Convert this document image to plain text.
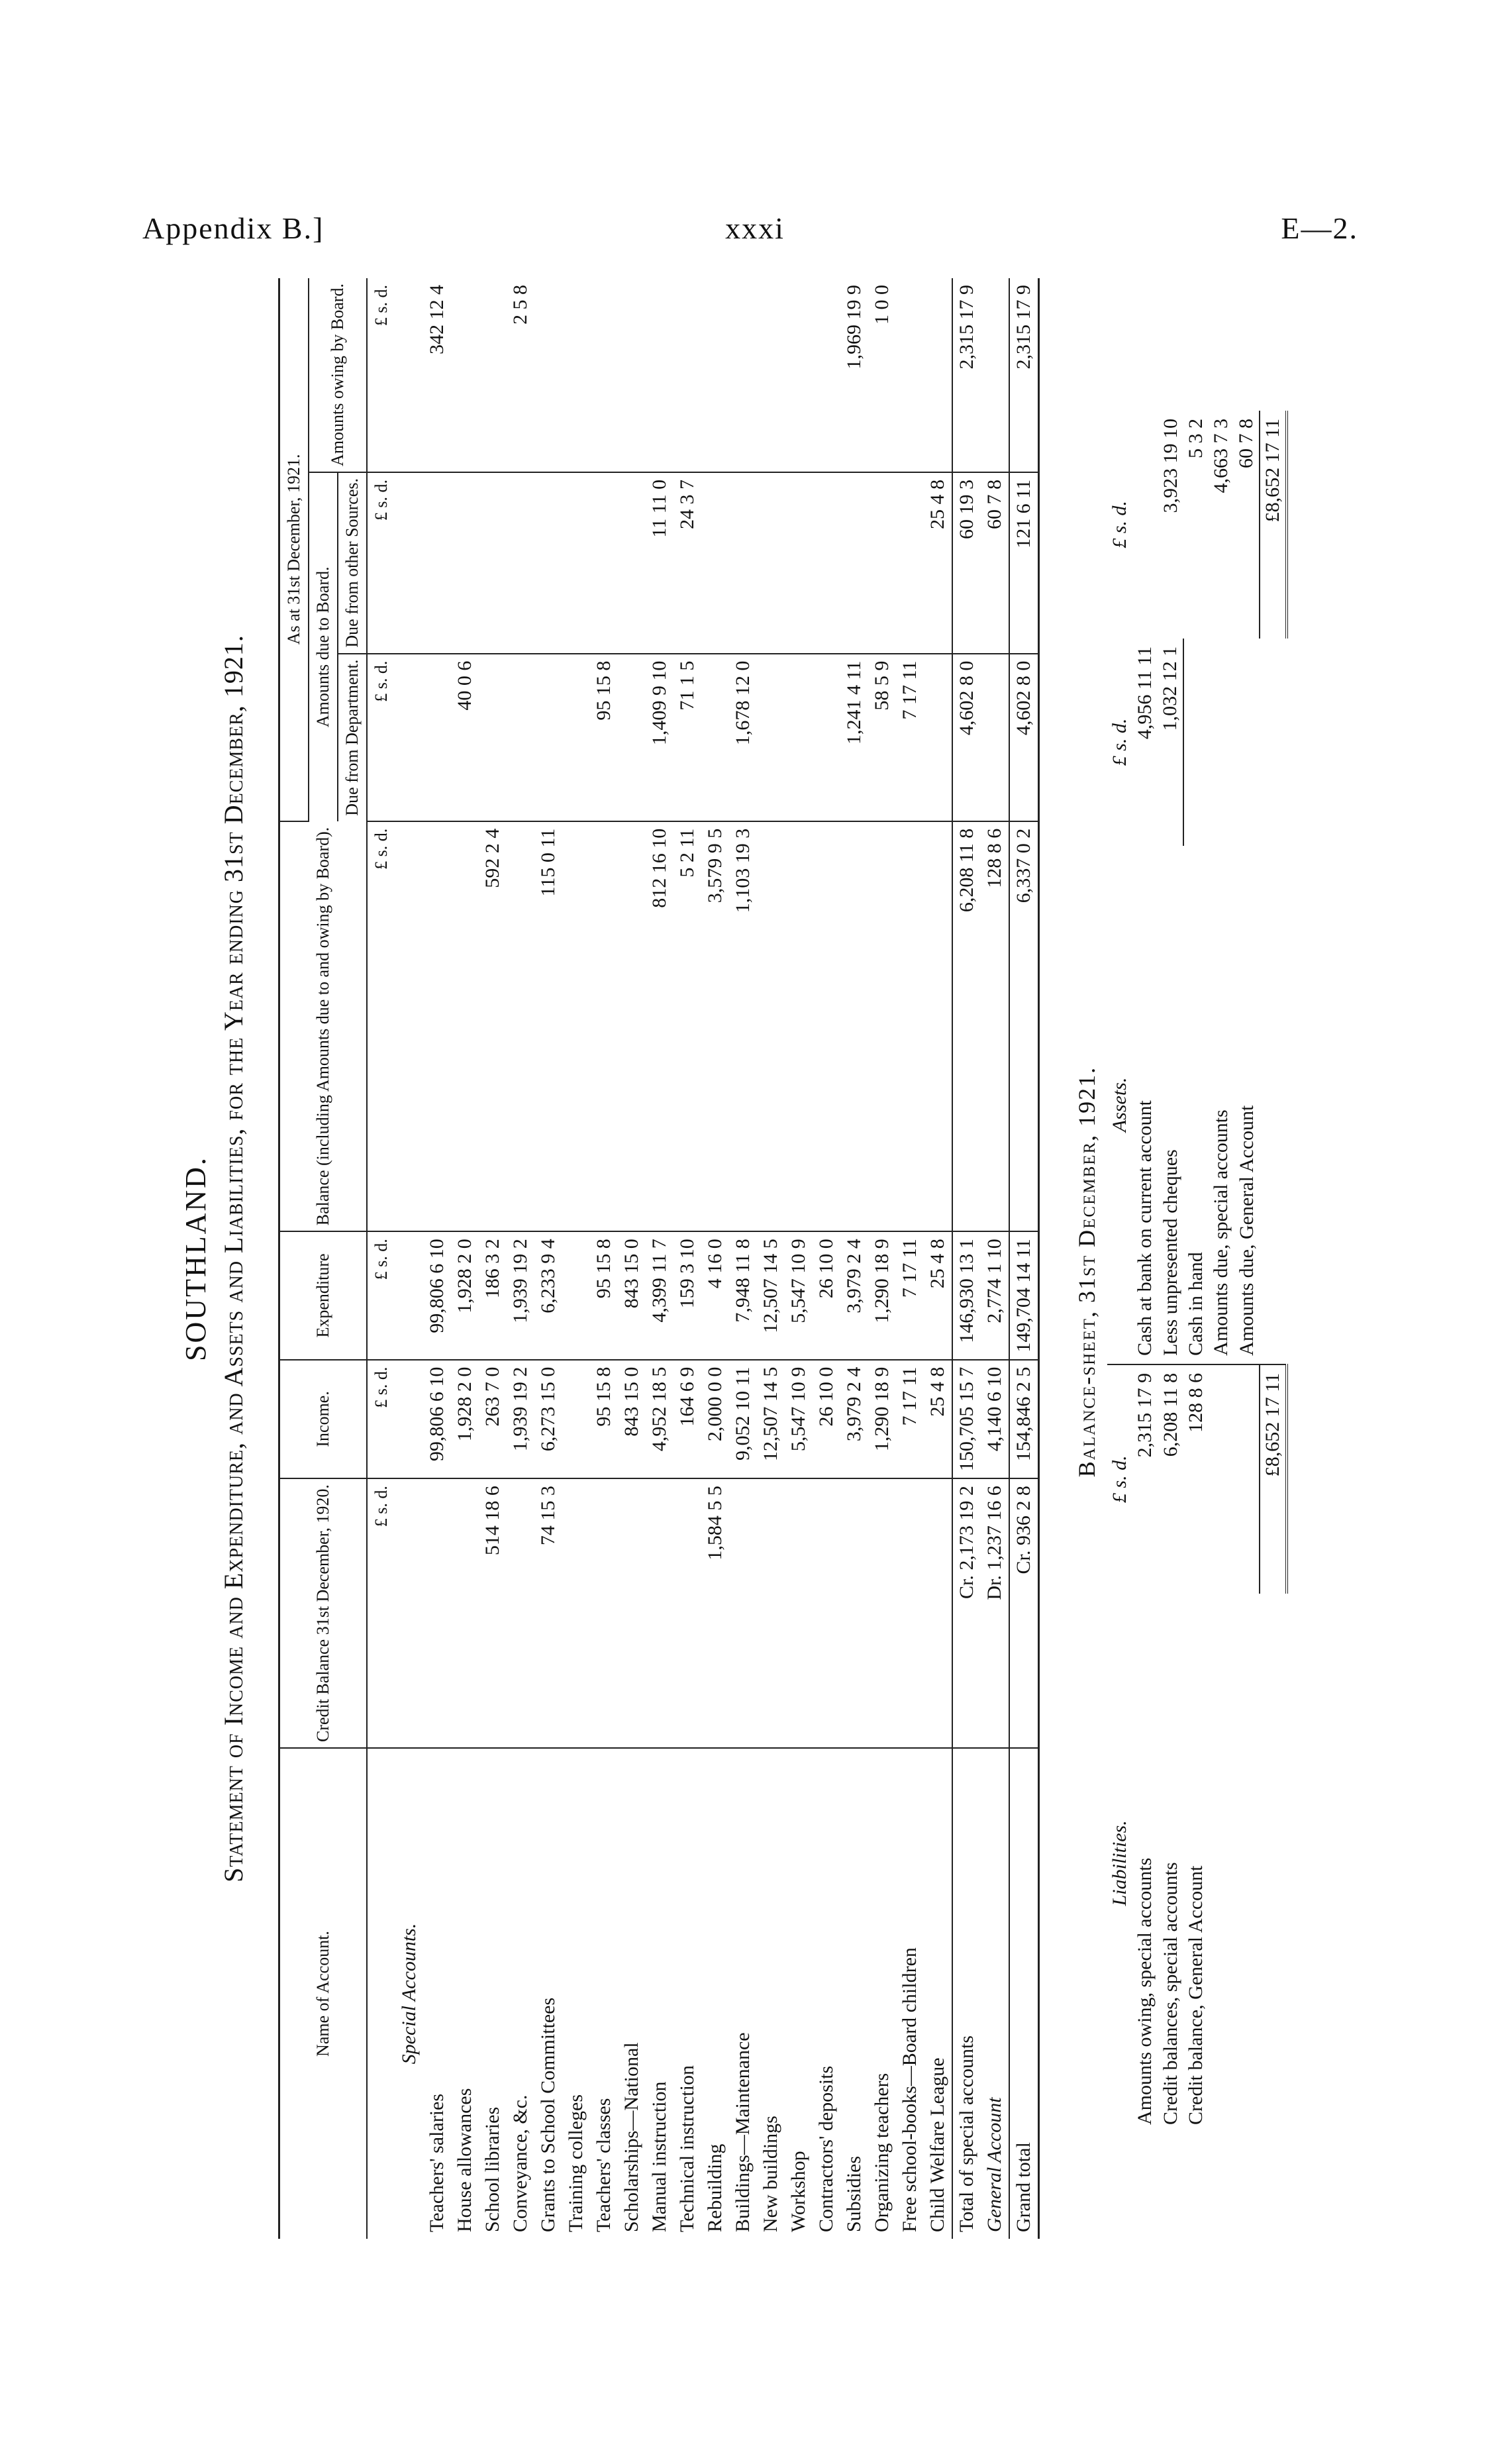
Appendix B.]	xxxi	E—2.
SOUTHLAND. Statement of Income and Expenditure, and Assets and Liabilities, for the Year ending 31st December, 1921.
Name of Account.	Credit Balance 31st December, 1920.	Income.	Expenditure	Balance (including Amounts due to and owing by Board).	As at 31st December, 1921.		
					Amounts due to Board.		Amounts owing by Board.
					Due from Department.	Due from other Sources.	
	£ s. d.	£ s. d.	£ s. d.	£ s. d.	£ s. d.	£ s. d.	£ s. d.
Special Accounts.							
Teachers' salaries		99,806 6 10	99,806 6 10				342 12 4
House allowances		1,928 2 0	1,928 2 0		40 0 6		
School libraries	514 18 6	263 7 0	186 3 2	592 2 4			
Conveyance, &c.		1,939 19 2	1,939 19 2				2 5 8
Grants to School Committees	74 15 3	6,273 15 0	6,233 9 4	115 0 11			
Training colleges							
Teachers' classes		95 15 8	95 15 8		95 15 8		
Scholarships—National		843 15 0	843 15 0				
Manual instruction		4,952 18 5	4,399 11 7	812 16 10	1,409 9 10	11 11 0	
Technical instruction		164 6 9	159 3 10	5 2 11	71 1 5	24 3 7	
Rebuilding	1,584 5 5	2,000 0 0	4 16 0	3,579 9 5			
Buildings—Maintenance		9,052 10 11	7,948 11 8	1,103 19 3	1,678 12 0		
New buildings		12,507 14 5	12,507 14 5				
Workshop		5,547 10 9	5,547 10 9				
Contractors' deposits		26 10 0	26 10 0				
Subsidies		3,979 2 4	3,979 2 4		1,241 4 11		1,969 19 9
Organizing teachers		1,290 18 9	1,290 18 9		58 5 9		1 0 0
Free school-books—Board children		7 17 11	7 17 11		7 17 11		
Child Welfare League		25 4 8	25 4 8			25 4 8	
Total of special accounts	Cr. 2,173 19 2	150,705 15 7	146,930 13 1	6,208 11 8	4,602 8 0	60 19 3	2,315 17 9
General Account	Dr. 1,237 16 6	4,140 6 10	2,774 1 10	128 8 6		60 7 8	
Grand total	Cr. 936 2 8	154,846 2 5	149,704 14 11	6,337 0 2	4,602 8 0	121 6 11	2,315 17 9
Balance-sheet, 31st December, 1921.
Liabilities.	£ s. d.	Assets.	£ s. d.	£ s. d.
Amounts owing, special accounts	2,315 17 9	Cash at bank on current account	4,956 11 11	
Credit balances, special accounts	6,208 11 8	Less unpresented cheques	1,032 12 1	3,923 19 10
Credit balance, General Account	128 8 6	Cash in hand		5 3 2
		Amounts due, special accounts		4,663 7 3
		Amounts due, General Account		60 7 8
	£8,652 17 11			£8,652 17 11
